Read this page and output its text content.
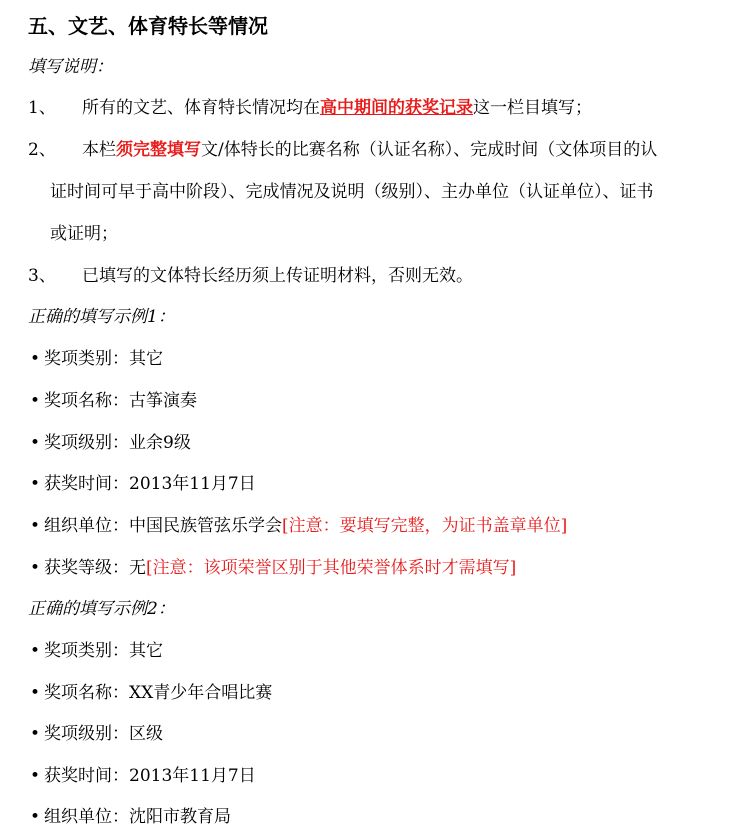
五、文艺、体育特长等情况
填写说明：
1、 所有的文艺、体育特长情况均在高中期间的获奖记录这一栏目填写；
2、 本栏须完整填写文/体特长的比赛名称（认证名称）、完成时间（文体项目的认
证时间可早于高中阶段）、完成情况及说明（级别）、主办单位（认证单位）、证书
或证明；
3、 已填写的文体特长经历须上传证明材料，否则无效。
正确的填写示例1：
• 奖项类别：其它
• 奖项名称：古筝演奏
• 奖项级别：业余9级
• 获奖时间：2013年11月7日
• 组织单位：中国民族管弦乐学会[注意：要填写完整，为证书盖章单位]
• 获奖等级：无[注意：该项荣誉区别于其他荣誉体系时才需填写]
正确的填写示例2：
• 奖项类别：其它
• 奖项名称：XX青少年合唱比赛
• 奖项级别：区级
• 获奖时间：2013年11月7日
• 组织单位：沈阳市教育局
